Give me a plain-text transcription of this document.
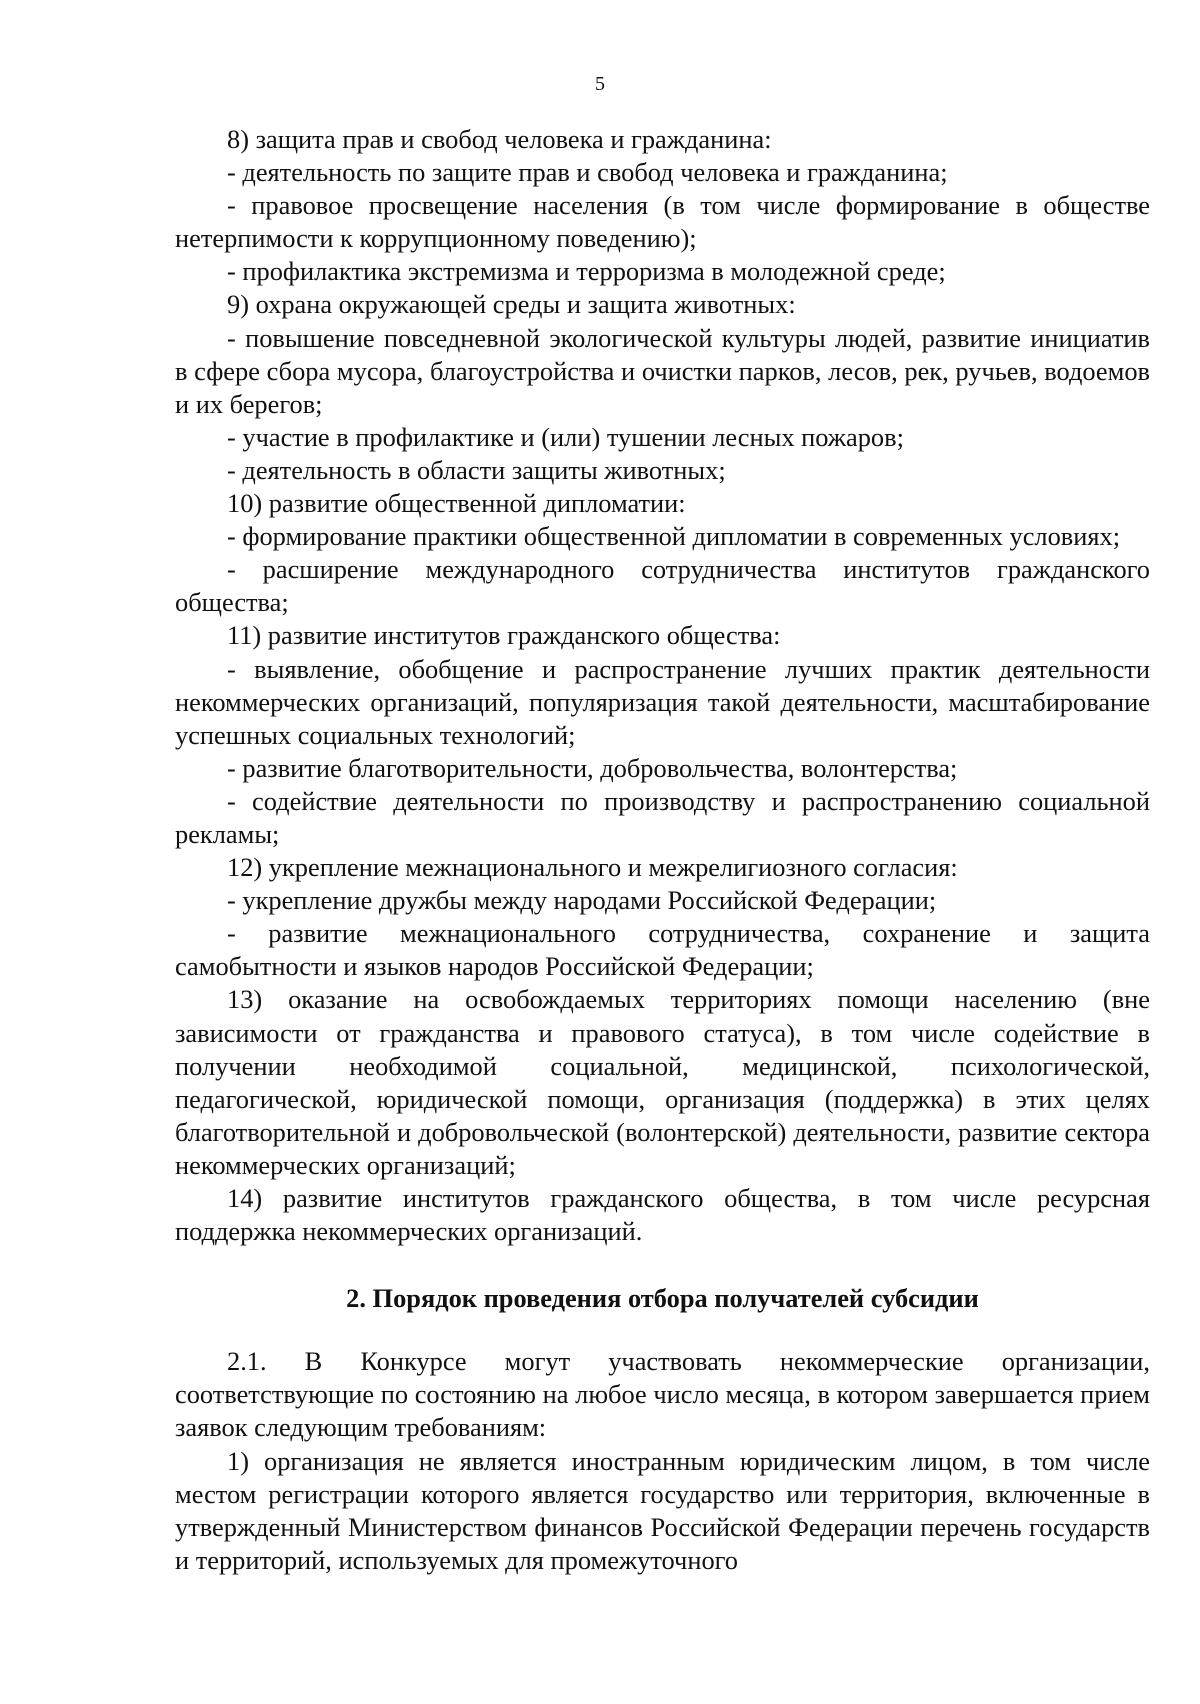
5

8) защита прав и свобод человека и гражданина:

- деятельность по защите прав и свобод человека и гражданина;

- правовое просвещение населения (в том числе формирование в обществе нетерпимости к коррупционному поведению);

- профилактика экстремизма и терроризма в молодежной среде;

9) охрана окружающей среды и защита животных:

- повышение повседневной экологической культуры людей, развитие инициатив в сфере сбора мусора, благоустройства и очистки парков, лесов, рек, ручьев, водоемов и их берегов;

- участие в профилактике и (или) тушении лесных пожаров;

- деятельность в области защиты животных;

10) развитие общественной дипломатии:

- формирование практики общественной дипломатии в современных условиях;

- расширение международного сотрудничества институтов гражданского общества;

11) развитие институтов гражданского общества:

- выявление, обобщение и распространение лучших практик деятельности некоммерческих организаций, популяризация такой деятельности, масштабирование успешных социальных технологий;

- развитие благотворительности, добровольчества, волонтерства;

- содействие деятельности по производству и распространению социальной рекламы;

12) укрепление межнационального и межрелигиозного согласия:

- укрепление дружбы между народами Российской Федерации;

- развитие межнационального сотрудничества, сохранение и защита самобытности и языков народов Российской Федерации;

13) оказание на освобождаемых территориях помощи населению (вне зависимости от гражданства и правового статуса), в том числе содействие в получении необходимой социальной, медицинской, психологической, педагогической, юридической помощи, организация (поддержка) в этих целях благотворительной и добровольческой (волонтерской) деятельности, развитие сектора некоммерческих организаций;

14) развитие институтов гражданского общества, в том числе ресурсная поддержка некоммерческих организаций.

2. Порядок проведения отбора получателей субсидии

2.1. В Конкурсе могут участвовать некоммерческие организации, соответствующие по состоянию на любое число месяца, в котором завершается прием заявок следующим требованиям:

1) организация не является иностранным юридическим лицом, в том числе местом регистрации которого является государство или территория, включенные в утвержденный Министерством финансов Российской Федерации перечень государств и территорий, используемых для промежуточного
